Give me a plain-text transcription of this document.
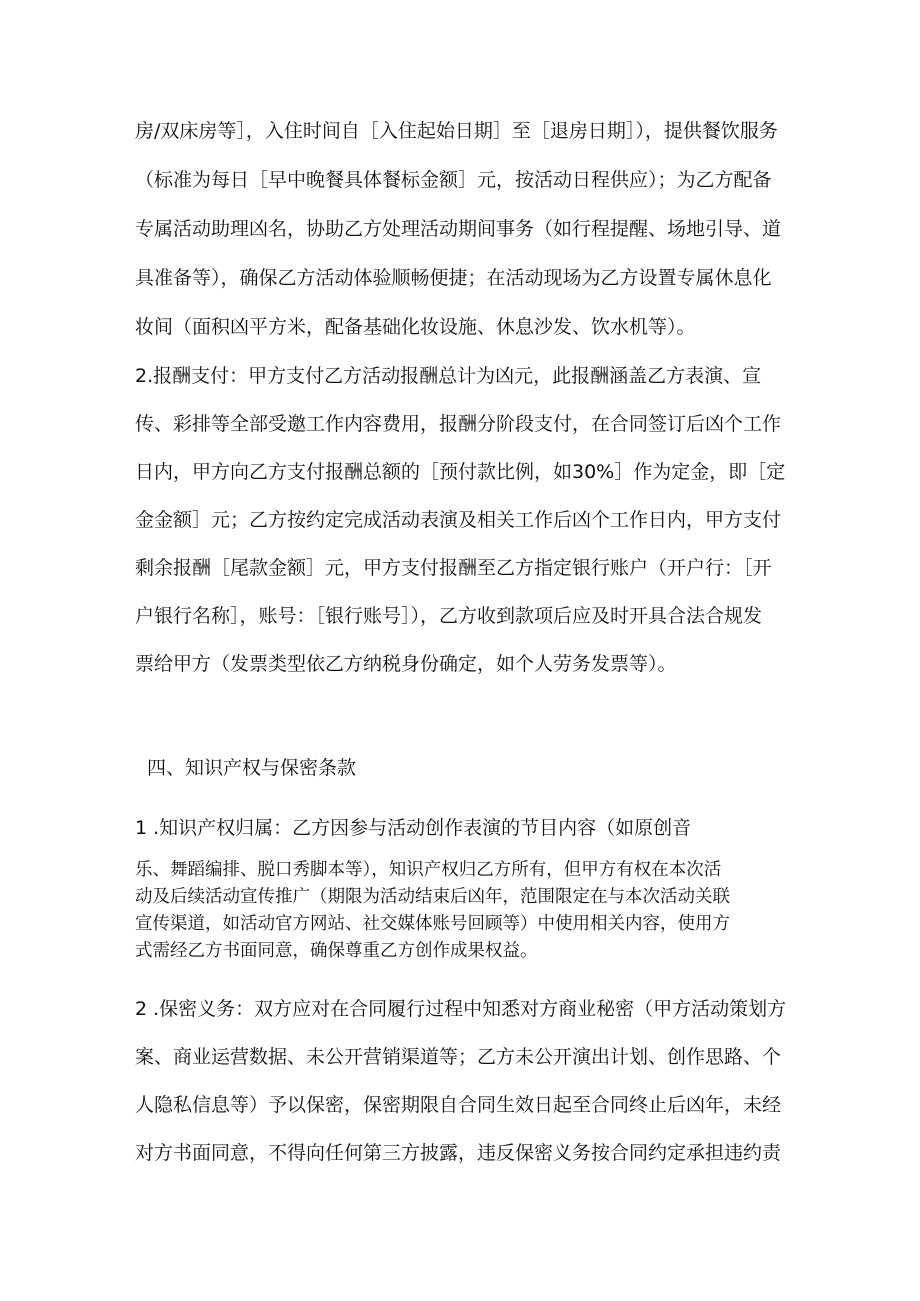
房/双床房等］，入住时间自［入住起始日期］至［退房日期］），提供餐饮服务
（标准为每日［早中晚餐具体餐标金额］元，按活动日程供应）；为乙方配备
专属活动助理凶名，协助乙方处理活动期间事务（如行程提醒、场地引导、道
具准备等），确保乙方活动体验顺畅便捷；在活动现场为乙方设置专属休息化
妆间（面积凶平方米，配备基础化妆设施、休息沙发、饮水机等）。
2.报酬支付：甲方支付乙方活动报酬总计为凶元，此报酬涵盖乙方表演、宣
传、彩排等全部受邀工作内容费用，报酬分阶段支付，在合同签订后凶个工作
日内，甲方向乙方支付报酬总额的［预付款比例，如30%］作为定金，即［定
金金额］元；乙方按约定完成活动表演及相关工作后凶个工作日内，甲方支付
剩余报酬［尾款金额］元，甲方支付报酬至乙方指定银行账户（开户行：［开
户银行名称］，账号：［银行账号］），乙方收到款项后应及时开具合法合规发
票给甲方（发票类型依乙方纳税身份确定，如个人劳务发票等）。
四、知识产权与保密条款
1 .知识产权归属：乙方因参与活动创作表演的节目内容（如原创音
乐、舞蹈编排、脱口秀脚本等），知识产权归乙方所有，但甲方有权在本次活
动及后续活动宣传推广（期限为活动结束后凶年，范围限定在与本次活动关联
宣传渠道，如活动官方网站、社交媒体账号回顾等）中使用相关内容，使用方
式需经乙方书面同意，确保尊重乙方创作成果权益。
2 .保密义务：双方应对在合同履行过程中知悉对方商业秘密（甲方活动策划方
案、商业运营数据、未公开营销渠道等；乙方未公开演出计划、创作思路、个
人隐私信息等）予以保密，保密期限自合同生效日起至合同终止后凶年，未经
对方书面同意，不得向任何第三方披露，违反保密义务按合同约定承担违约责
